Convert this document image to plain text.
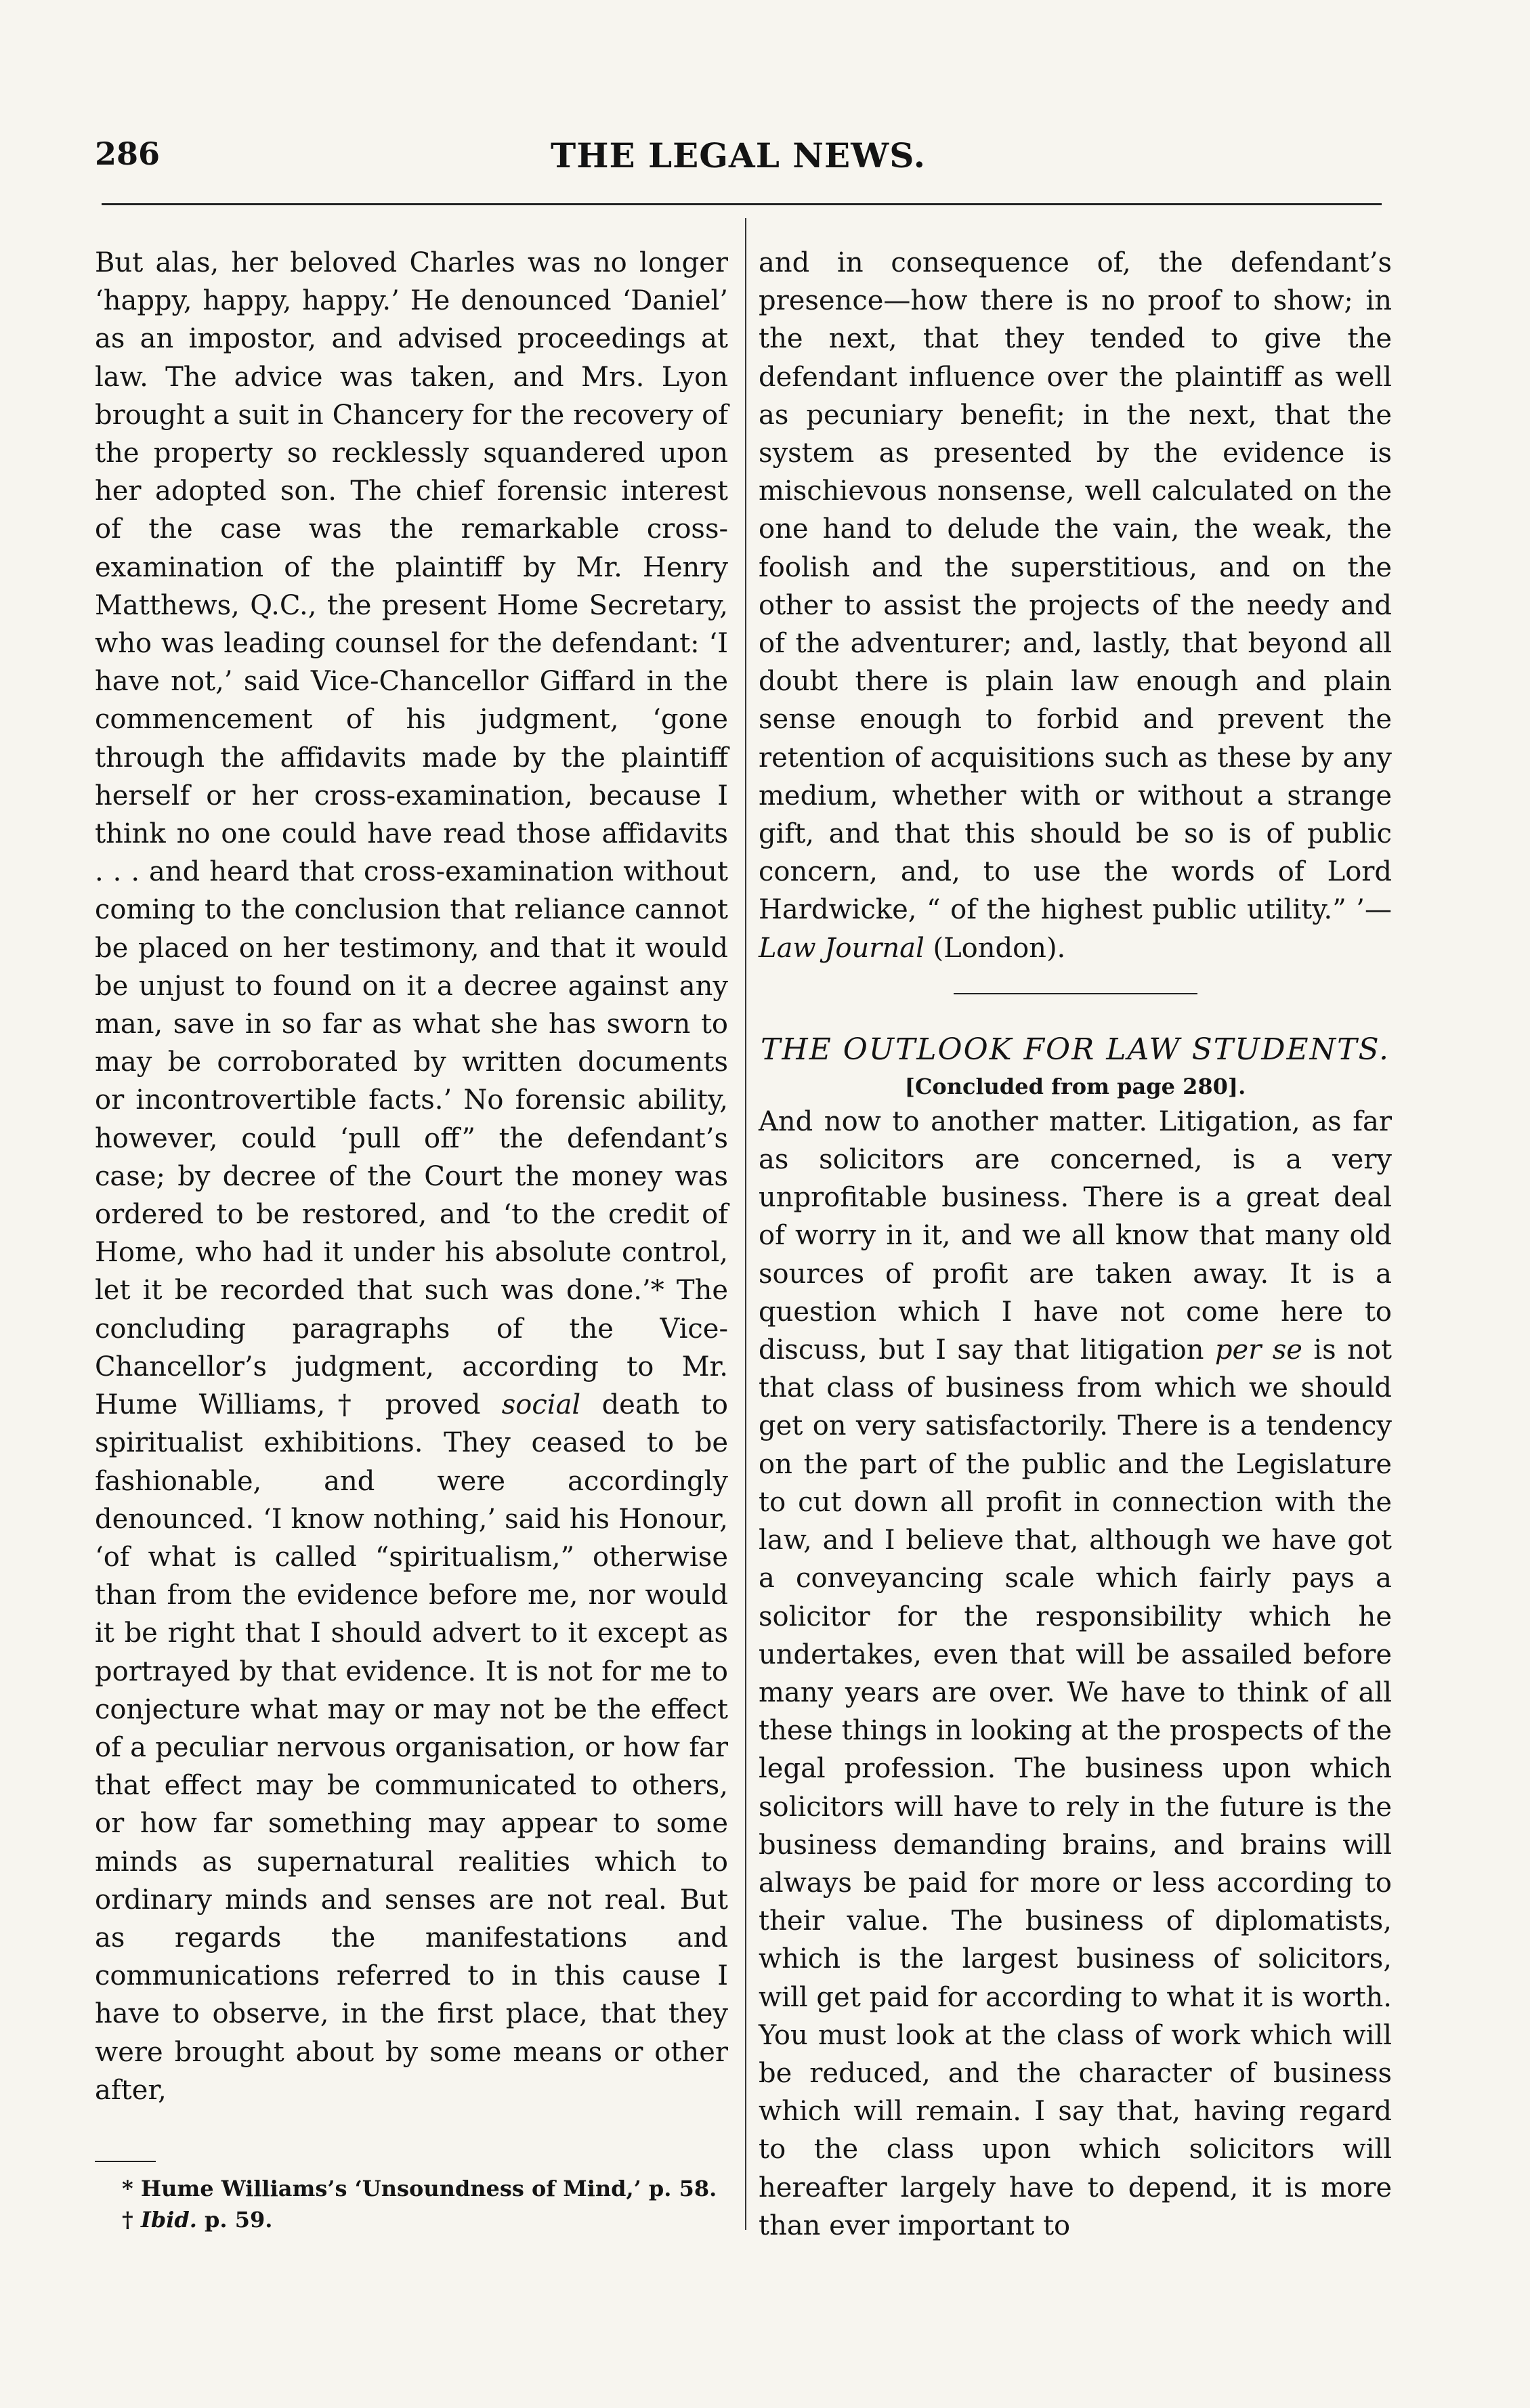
286	THE LEGAL NEWS.

But alas, her beloved Charles was no longer ‘happy, happy, happy.’ He denounced ‘Daniel’ as an impostor, and advised proceedings at law. The advice was taken, and Mrs. Lyon brought a suit in Chancery for the recovery of the property so recklessly squandered upon her adopted son. The chief forensic interest of the case was the remarkable cross-examination of the plaintiff by Mr. Henry Matthews, Q.C., the present Home Secretary, who was leading counsel for the defendant: ‘I have not,’ said Vice-Chancellor Giffard in the commencement of his judgment, ‘gone through the affidavits made by the plaintiff herself or her cross-examination, because I think no one could have read those affidavits . . . and heard that cross-examination without coming to the conclusion that reliance cannot be placed on her testimony, and that it would be unjust to found on it a decree against any man, save in so far as what she has sworn to may be corroborated by written documents or incontrovertible facts.’ No forensic ability, however, could ‘pull off” the defendant’s case; by decree of the Court the money was ordered to be restored, and ‘to the credit of Home, who had it under his absolute control, let it be recorded that such was done.’* The concluding paragraphs of the Vice-Chancellor’s judgment, according to Mr. Hume Williams,† proved social death to spiritualist exhibitions. They ceased to be fashionable, and were accordingly denounced. ‘I know nothing,’ said his Honour, ‘of what is called “spiritualism,” otherwise than from the evidence before me, nor would it be right that I should advert to it except as portrayed by that evidence. It is not for me to conjecture what may or may not be the effect of a peculiar nervous organisation, or how far that effect may be communicated to others, or how far something may appear to some minds as supernatural realities which to ordinary minds and senses are not real. But as regards the manifestations and communications referred to in this cause I have to observe, in the first place, that they were brought about by some means or other after,

* Hume Williams’s ‘Unsoundness of Mind,’ p. 58.

† Ibid. p. 59.

and in consequence of, the defendant’s presence—how there is no proof to show; in the next, that they tended to give the defendant influence over the plaintiff as well as pecuniary benefit; in the next, that the system as presented by the evidence is mischievous nonsense, well calculated on the one hand to delude the vain, the weak, the foolish and the superstitious, and on the other to assist the projects of the needy and of the adventurer; and, lastly, that beyond all doubt there is plain law enough and plain sense enough to forbid and prevent the retention of acquisitions such as these by any medium, whether with or without a strange gift, and that this should be so is of public concern, and, to use the words of Lord Hardwicke, “ of the highest public utility.” ’—Law Journal (London).

THE OUTLOOK FOR LAW STUDENTS.

[Concluded from page 280].

And now to another matter. Litigation, as far as solicitors are concerned, is a very unprofitable business. There is a great deal of worry in it, and we all know that many old sources of profit are taken away. It is a question which I have not come here to discuss, but I say that litigation per se is not that class of business from which we should get on very satisfactorily. There is a tendency on the part of the public and the Legislature to cut down all profit in connection with the law, and I believe that, although we have got a conveyancing scale which fairly pays a solicitor for the responsibility which he undertakes, even that will be assailed before many years are over. We have to think of all these things in looking at the prospects of the legal profession. The business upon which solicitors will have to rely in the future is the business demanding brains, and brains will always be paid for more or less according to their value. The business of diplomatists, which is the largest business of solicitors, will get paid for according to what it is worth. You must look at the class of work which will be reduced, and the character of business which will remain. I say that, having regard to the class upon which solicitors will hereafter largely have to depend, it is more than ever important to
